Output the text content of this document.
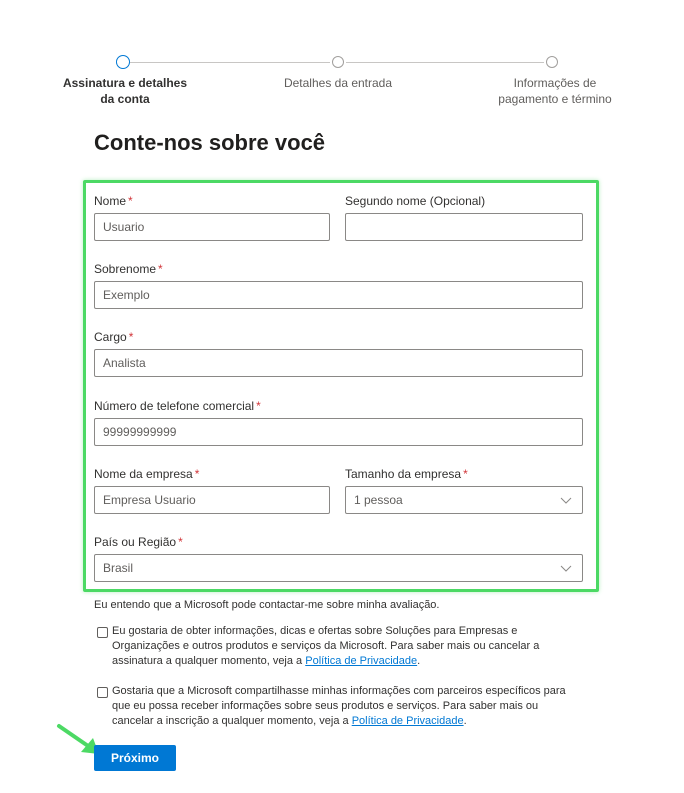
Assinatura e detalhes
da conta
Detalhes da entrada	Informações de
pagamento e término
Conte-nos sobre você
Nome *
Usuario
Segundo nome (Opcional)
Sobrenome *
Exemplo
Cargo *
Analista
Número de telefone comercial *
99999999999
Nome da empresa *
Empresa Usuario
Tamanho da empresa *
1 pessoa
País ou Região *
Brasil
Eu entendo que a Microsoft pode contactar-me sobre minha avaliação.
Eu gostaria de obter informações, dicas e ofertas sobre Soluções para Empresas e
Organizações e outros produtos e serviços da Microsoft. Para saber mais ou cancelar a
assinatura a qualquer momento, veja a Política de Privacidade.
Gostaria que a Microsoft compartilhasse minhas informações com parceiros específicos para
que eu possa receber informações sobre seus produtos e serviços. Para saber mais ou
cancelar a inscrição a qualquer momento, veja a Política de Privacidade.
Próximo
